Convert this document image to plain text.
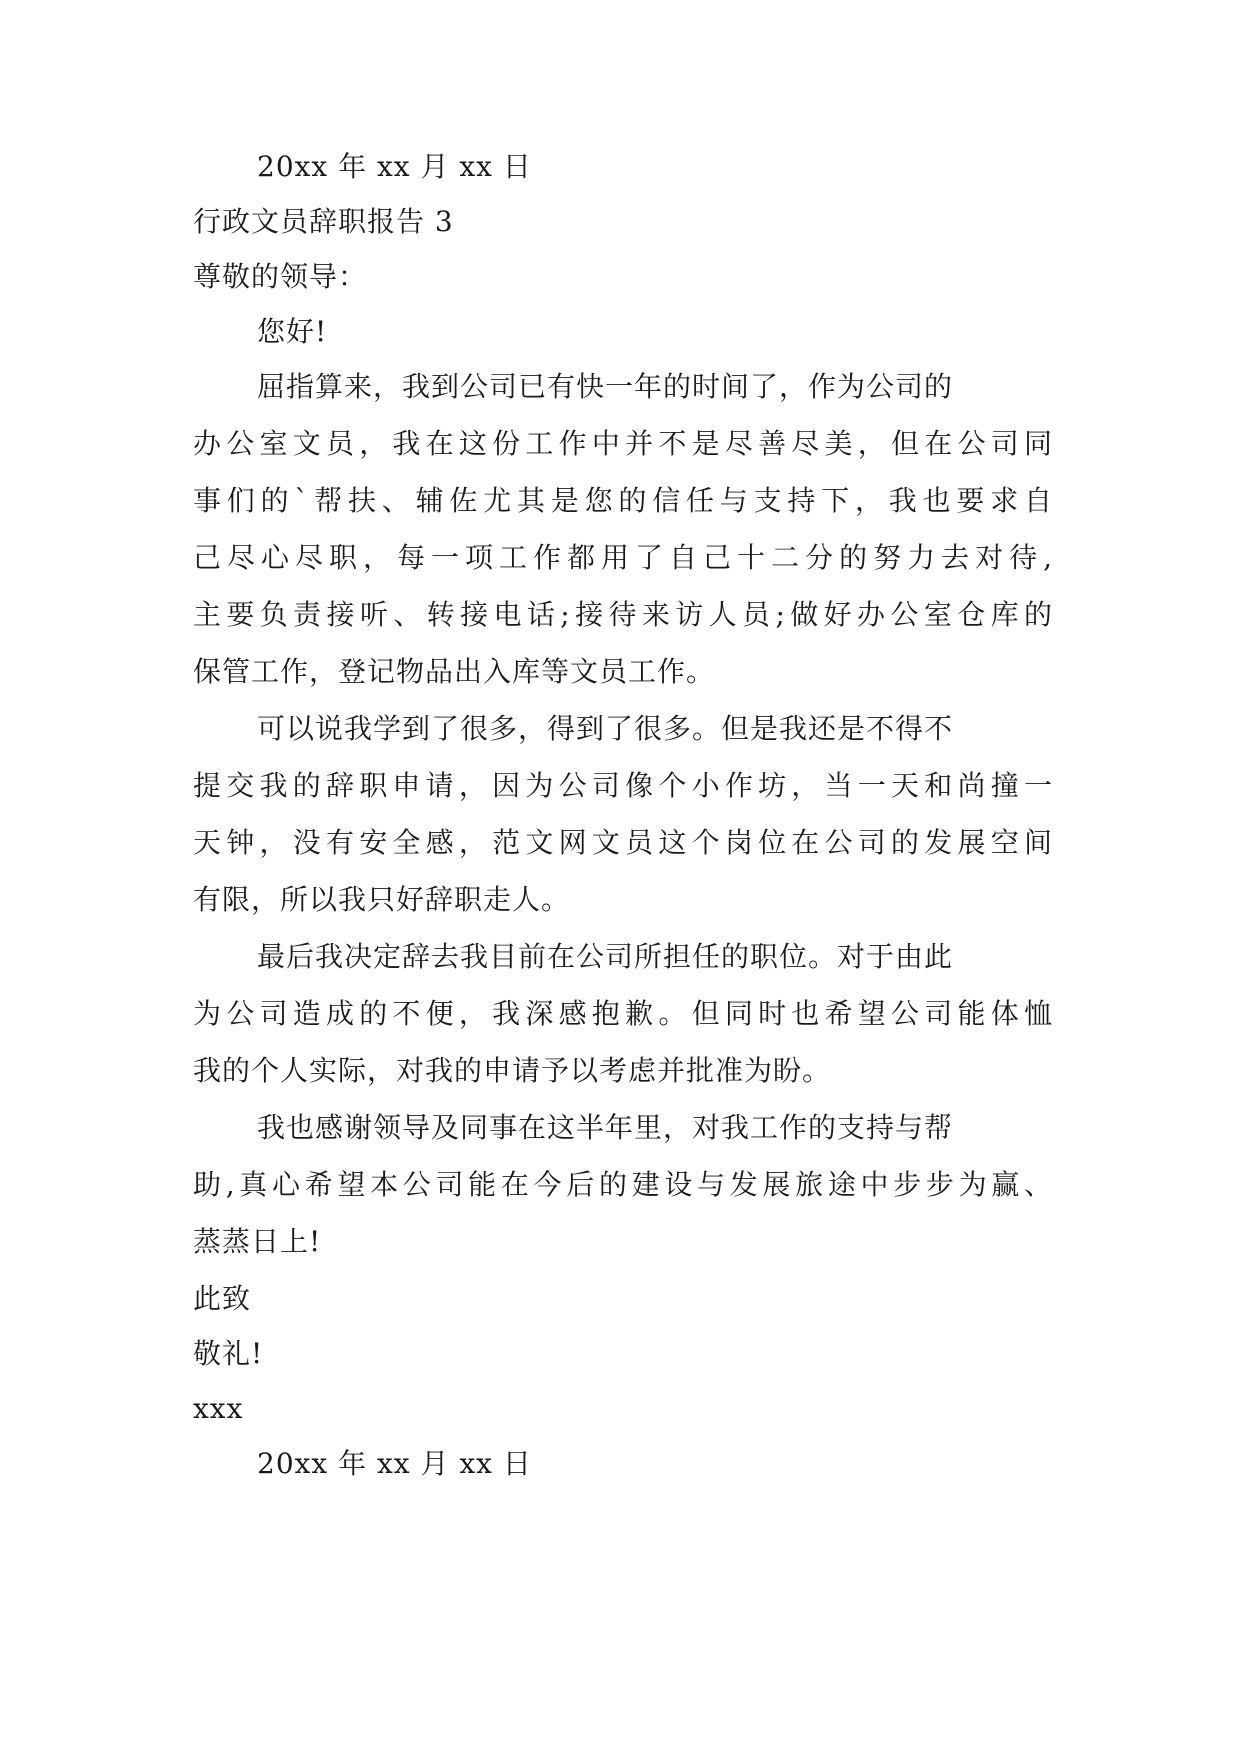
20xx 年 xx 月 xx 日
行政文员辞职报告 3
尊敬的领导：
您好!
屈指算来，我到公司已有快一年的时间了，作为公司的
办公室文员，我在这份工作中并不是尽善尽美，但在公司同
事们的`帮扶、辅佐尤其是您的信任与支持下，我也要求自
己尽心尽职，每一项工作都用了自己十二分的努力去对待,
主要负责接听、转接电话;接待来访人员;做好办公室仓库的
保管工作，登记物品出入库等文员工作。
可以说我学到了很多，得到了很多。但是我还是不得不
提交我的辞职申请，因为公司像个小作坊，当一天和尚撞一
天钟，没有安全感，范文网文员这个岗位在公司的发展空间
有限，所以我只好辞职走人。
最后我决定辞去我目前在公司所担任的职位。对于由此
为公司造成的不便，我深感抱歉。但同时也希望公司能体恤
我的个人实际，对我的申请予以考虑并批准为盼。
我也感谢领导及同事在这半年里，对我工作的支持与帮
助,真心希望本公司能在今后的建设与发展旅途中步步为赢、
蒸蒸日上!
此致
敬礼!
xxx
20xx 年 xx 月 xx 日
